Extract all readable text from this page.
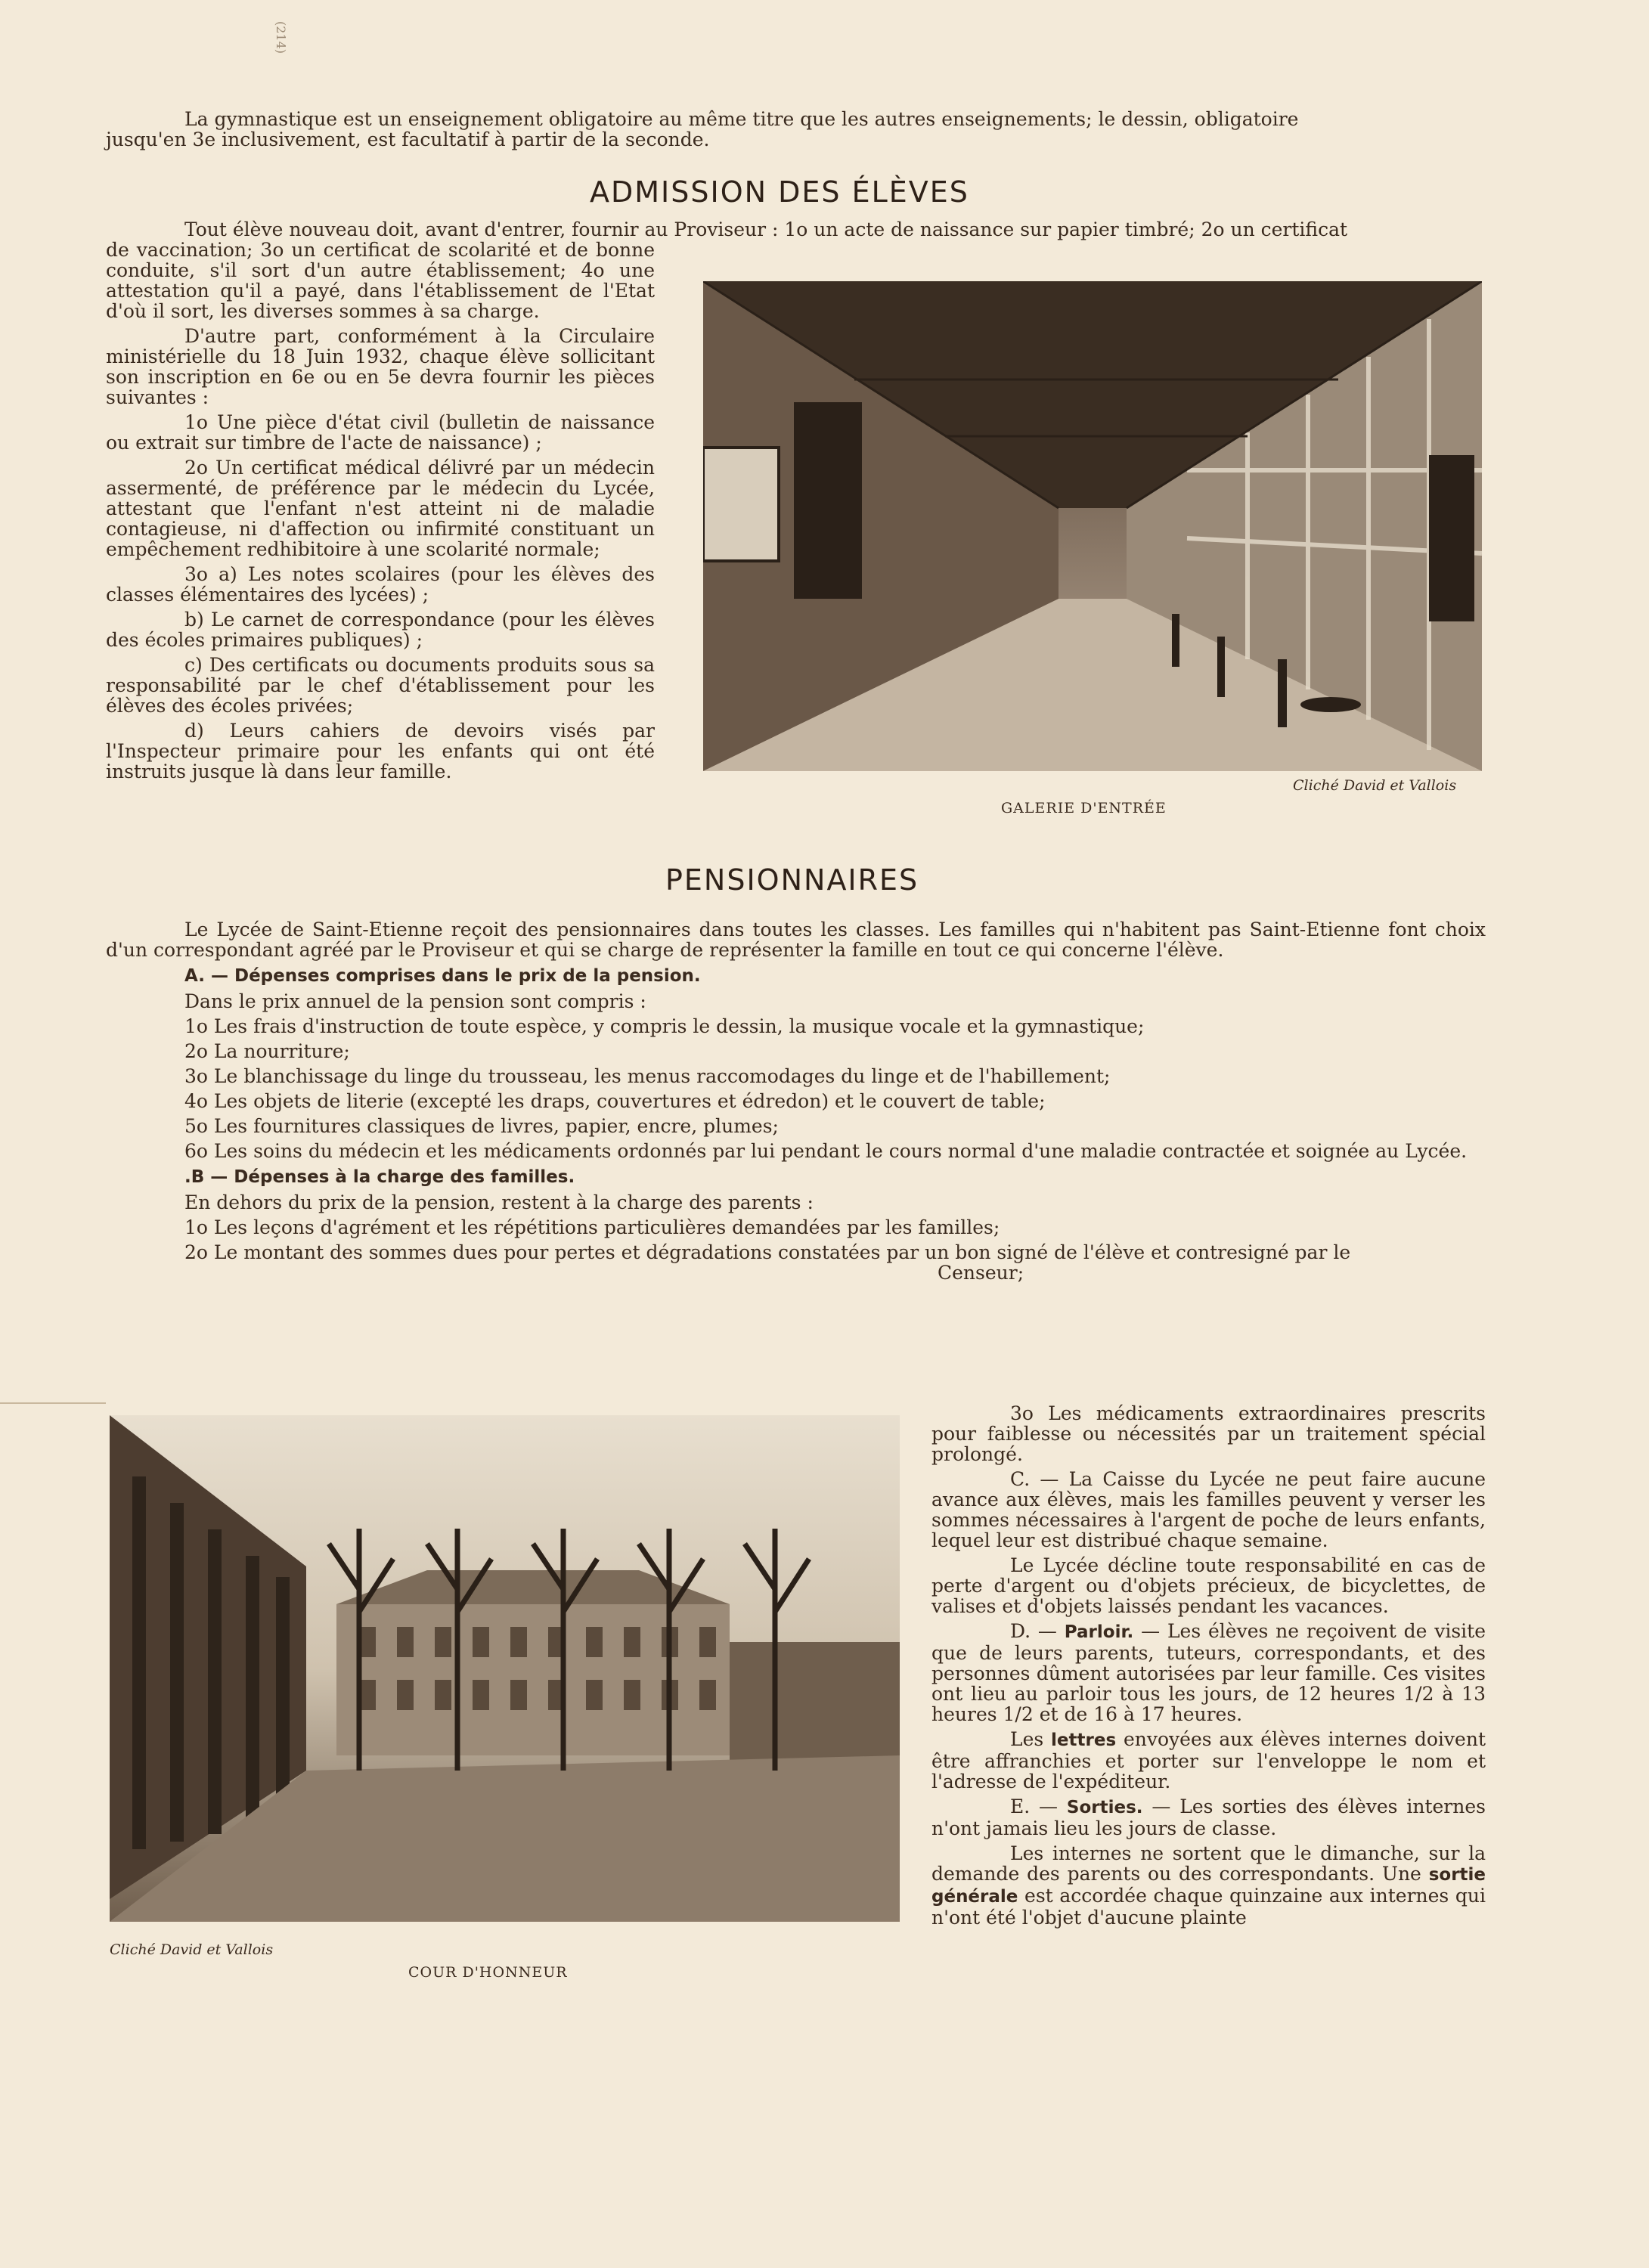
(214)
La gymnastique est un enseignement obligatoire au même titre que les autres enseignements; le dessin, obligatoire
jusqu'en 3e inclusivement, est facultatif à partir de la seconde.
ADMISSION DES ÉLÈVES
Tout élève nouveau doit, avant d'entrer, fournir au Proviseur : 1o un acte de naissance sur papier timbré; 2o un certificat

de vaccination; 3o un certificat de scolarité et de bonne conduite, s'il sort d'un autre établissement; 4o une attestation qu'il a payé, dans l'établissement de l'Etat d'où il sort, les diverses sommes à sa charge.

D'autre part, conformément à la Circulaire ministérielle du 18 Juin 1932, chaque élève sollicitant son inscription en 6e ou en 5e devra fournir les pièces suivantes :

1o Une pièce d'état civil (bulletin de naissance ou extrait sur timbre de l'acte de naissance) ;

2o Un certificat médical délivré par un médecin assermenté, de préférence par le médecin du Lycée, attestant que l'enfant n'est atteint ni de maladie contagieuse, ni d'affection ou infirmité constituant un empêchement redhibitoire à une scolarité normale;

3o a) Les notes scolaires (pour les élèves des classes élémentaires des lycées) ;

b) Le carnet de correspondance (pour les élèves des écoles primaires publiques) ;

c) Des certificats ou documents produits sous sa responsabilité par le chef d'établissement pour les élèves des écoles privées;

d) Leurs cahiers de devoirs visés par l'Inspecteur primaire pour les enfants qui ont été instruits jusque là dans leur famille.

Cliché David et Vallois
GALERIE D'ENTRÉE
PENSIONNAIRES

Le Lycée de Saint-Etienne reçoit des pensionnaires dans toutes les classes. Les familles qui n'habitent pas Saint-Etienne font choix d'un correspondant agréé par le Proviseur et qui se charge de représenter la famille en tout ce qui concerne l'élève.

A. — Dépenses comprises dans le prix de la pension.

Dans le prix annuel de la pension sont compris :

1o Les frais d'instruction de toute espèce, y compris le dessin, la musique vocale et la gymnastique;

2o La nourriture;

3o Le blanchissage du linge du trousseau, les menus raccomodages du linge et de l'habillement;

4o Les objets de literie (excepté les draps, couvertures et édredon) et le couvert de table;

5o Les fournitures classiques de livres, papier, encre, plumes;

6o Les soins du médecin et les médicaments ordonnés par lui pendant le cours normal d'une maladie contractée et soignée au Lycée.

.B — Dépenses à la charge des familles.

En dehors du prix de la pension, restent à la charge des parents :

1o Les leçons d'agrément et les répétitions particulières demandées par les familles;

2o Le montant des sommes dues pour pertes et dégradations constatées par un bon signé de l'élève et contresigné par le

Censeur;

3o Les médicaments extraordinaires prescrits pour faiblesse ou nécessités par un traitement spécial prolongé.

C. — La Caisse du Lycée ne peut faire aucune avance aux élèves, mais les familles peuvent y verser les sommes nécessaires à l'argent de poche de leurs enfants, lequel leur est distribué chaque semaine.

Le Lycée décline toute responsabilité en cas de perte d'argent ou d'objets précieux, de bicyclettes, de valises et d'objets laissés pendant les vacances.

D. — Parloir. — Les élèves ne reçoivent de visite que de leurs parents, tuteurs, correspondants, et des personnes dûment autorisées par leur famille. Ces visites ont lieu au parloir tous les jours, de 12 heures 1/2 à 13 heures 1/2 et de 16 à 17 heures.

Les lettres envoyées aux élèves internes doivent être affranchies et porter sur l'enveloppe le nom et l'adresse de l'expéditeur.

E. — Sorties. — Les sorties des élèves internes n'ont jamais lieu les jours de classe.

Les internes ne sortent que le dimanche, sur la demande des parents ou des correspondants. Une sortie générale est accordée chaque quinzaine aux internes qui n'ont été l'objet d'aucune plainte

Cliché David et Vallois
COUR D'HONNEUR
